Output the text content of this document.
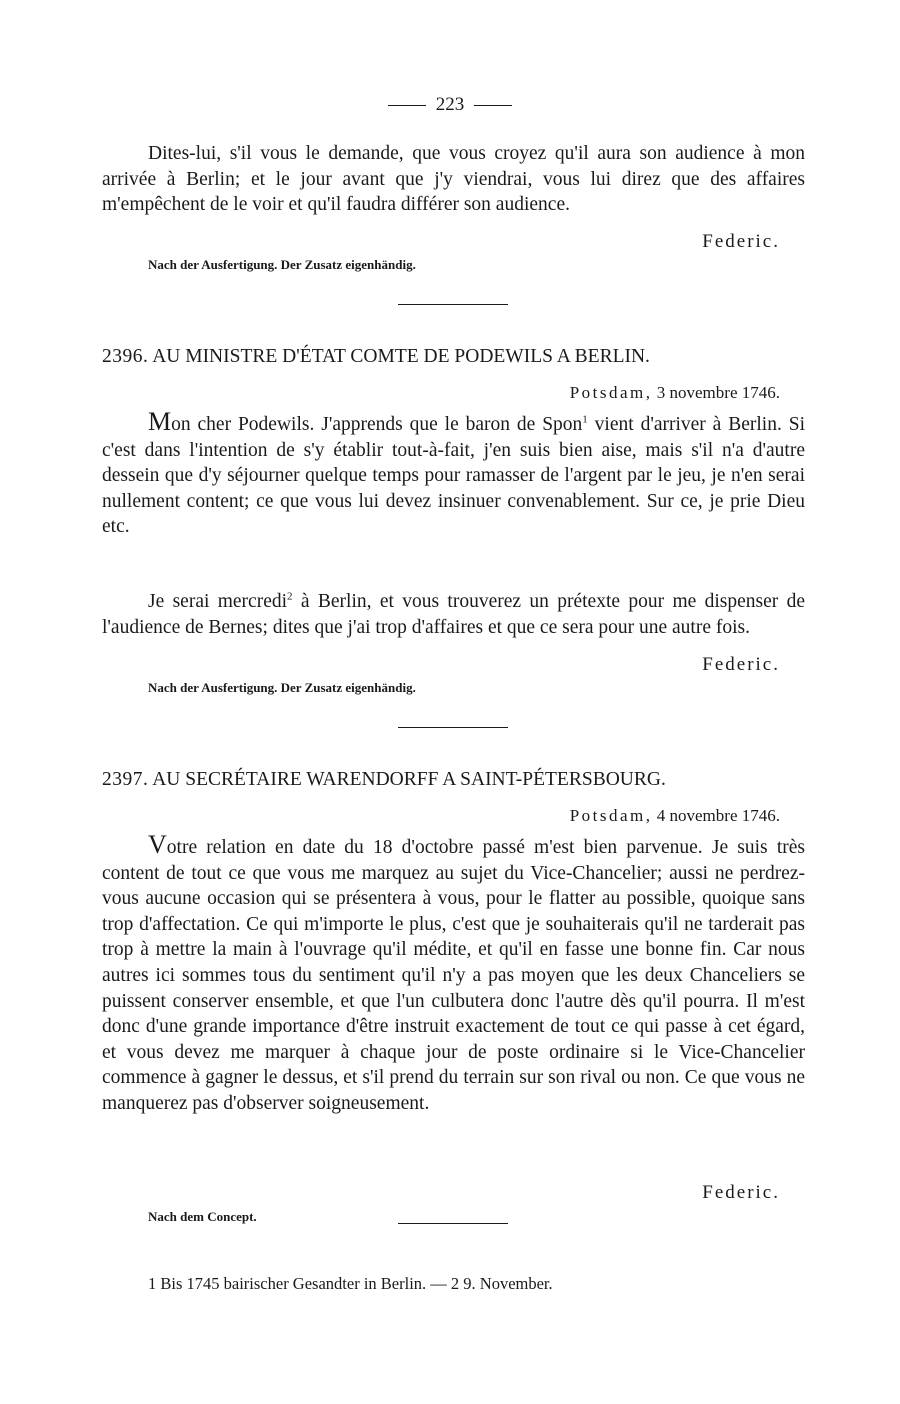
223
Dites-lui, s'il vous le demande, que vous croyez qu'il aura son audience à mon arrivée à Berlin; et le jour avant que j'y viendrai, vous lui direz que des affaires m'empêchent de le voir et qu'il faudra différer son audience.
Federic.
Nach der Ausfertigung. Der Zusatz eigenhändig.
2396. AU MINISTRE D'ÉTAT COMTE DE PODEWILS A BERLIN.
Potsdam, 3 novembre 1746.
Mon cher Podewils. J'apprends que le baron de Spon$^1$ vient d'arriver à Berlin. Si c'est dans l'intention de s'y établir tout-à-fait, j'en suis bien aise, mais s'il n'a d'autre dessein que d'y séjourner quelque temps pour ramasser de l'argent par le jeu, je n'en serai nullement content; ce que vous lui devez insinuer convenablement. Sur ce, je prie Dieu etc.
Je serai mercredi$^2$ à Berlin, et vous trouverez un prétexte pour me dispenser de l'audience de Bernes; dites que j'ai trop d'affaires et que ce sera pour une autre fois.
Federic.
Nach der Ausfertigung. Der Zusatz eigenhändig.
2397. AU SECRÉTAIRE WARENDORFF A SAINT-PÉTERSBOURG.
Potsdam, 4 novembre 1746.
Votre relation en date du 18 d'octobre passé m'est bien parvenue. Je suis très content de tout ce que vous me marquez au sujet du Vice-Chancelier; aussi ne perdrez-vous aucune occasion qui se présentera à vous, pour le flatter au possible, quoique sans trop d'affectation. Ce qui m'importe le plus, c'est que je souhaiterais qu'il ne tarderait pas trop à mettre la main à l'ouvrage qu'il médite, et qu'il en fasse une bonne fin. Car nous autres ici sommes tous du sentiment qu'il n'y a pas moyen que les deux Chanceliers se puissent conserver ensemble, et que l'un culbutera donc l'autre dès qu'il pourra. Il m'est donc d'une grande importance d'être instruit exactement de tout ce qui passe à cet égard, et vous devez me marquer à chaque jour de poste ordinaire si le Vice-Chancelier commence à gagner le dessus, et s'il prend du terrain sur son rival ou non. Ce que vous ne manquerez pas d'observer soigneusement.
Federic.
Nach dem Concept.
1 Bis 1745 bairischer Gesandter in Berlin. — 2 9. November.
